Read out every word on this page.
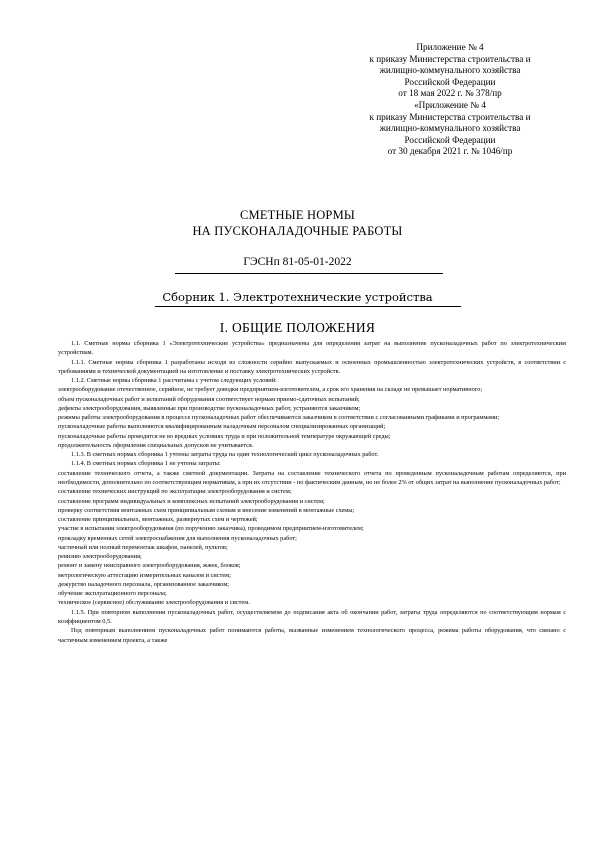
Приложение № 4
к приказу Министерства строительства и
жилищно-коммунального хозяйства
Российской Федерации
от 18 мая 2022 г. № 378/пр
«Приложение № 4
к приказу Министерства строительства и
жилищно-коммунального хозяйства
Российской Федерации
от 30 декабря 2021 г. № 1046/пр
СМЕТНЫЕ НОРМЫ
НА ПУСКОНАЛАДОЧНЫЕ РАБОТЫ
ГЭСНп 81-05-01-2022
Сборник 1. Электротехнические устройства
I. ОБЩИЕ ПОЛОЖЕНИЯ

1.1. Сметные нормы сборника 1 «Электротехнические устройства» предназначены для определения затрат на выполнение пусконаладочных работ по электротехническим устройствам.

1.1.1. Сметные нормы сборника 1 разработаны исходя из сложности серийно выпускаемых и освоенных промышленностью электротехнических устройств, в соответствии с требованиями и технической документацией на изготовление и поставку электротехнических устройств.

1.1.2. Сметные нормы сборника 1 рассчитаны с учетом следующих условий:

электрооборудование отечественное, серийное, не требует доводки предприятием-изготовителем, а срок его хранения на складе не превышает нормативного;

объем пусконаладочных работ и испытаний оборудования соответствует нормам приемо-сдаточных испытаний;

дефекты электрооборудования, выявленные при производстве пусконаладочных работ, устраняются заказчиком;

режимы работы электрооборудования в процессе пусконаладочных работ обеспечиваются заказчиком в соответствии с согласованными графиками и программами;

пусконаладочные работы выполняются квалифицированным наладочным персоналом специализированных организаций;

пусконаладочные работы проводятся не во вредных условиях труда и при положительной температуре окружающей среды;

продолжительность оформления специальных допусков не учитывается.

1.1.3. В сметных нормах сборника 1 учтены затраты труда на один технологический цикл пусконаладочных работ.

1.1.4. В сметных нормах сборника 1 не учтены затраты:

составление технического отчета, а также сметной документации. Затраты на составление технического отчета по проведенным пусконаладочным работам определяются, при необходимости, дополнительно по соответствующим нормативам, а при их отсутствии - по фактическим данным, но не более 2% от общих затрат на выполнение пусконаладочных работ;

составление технических инструкций по эксплуатации электрооборудования и систем;

составление программ индивидуальных и комплексных испытаний электрооборудования и систем;

проверку соответствия монтажных схем принципиальным схемам и внесение изменений в монтажные схемы;

составление принципиальных, монтажных, развернутых схем и чертежей;

участие в испытании электрооборудования (по поручению заказчика), проводимом предприятием-изготовителем;

прокладку временных сетей электроснабжения для выполнения пусконаладочных работ;

частичный или полный перемонтаж шкафов, панелей, пультов;

ревизию электрооборудования;

ремонт и замену неисправного электрооборудования, жжек, блоков;

метрологическую аттестацию измерительных каналов и систем;

дежурство наладочного персонала, организованное заказчиком;

обучение эксплуатационного персонала;

техническое (сервисное) обслуживание электрооборудования и систем.

1.1.5. При повторном выполнении пусконаладочных работ, осуществляемом до подписания акта об окончании работ, затраты труда определяются по соответствующим нормам с коэффициентом 0,5.

Под повторным выполнением пусконаладочных работ понимаются работы, вызванные изменением технологического процесса, режима работы оборудования, что связано с частичным изменением проекта, а также
